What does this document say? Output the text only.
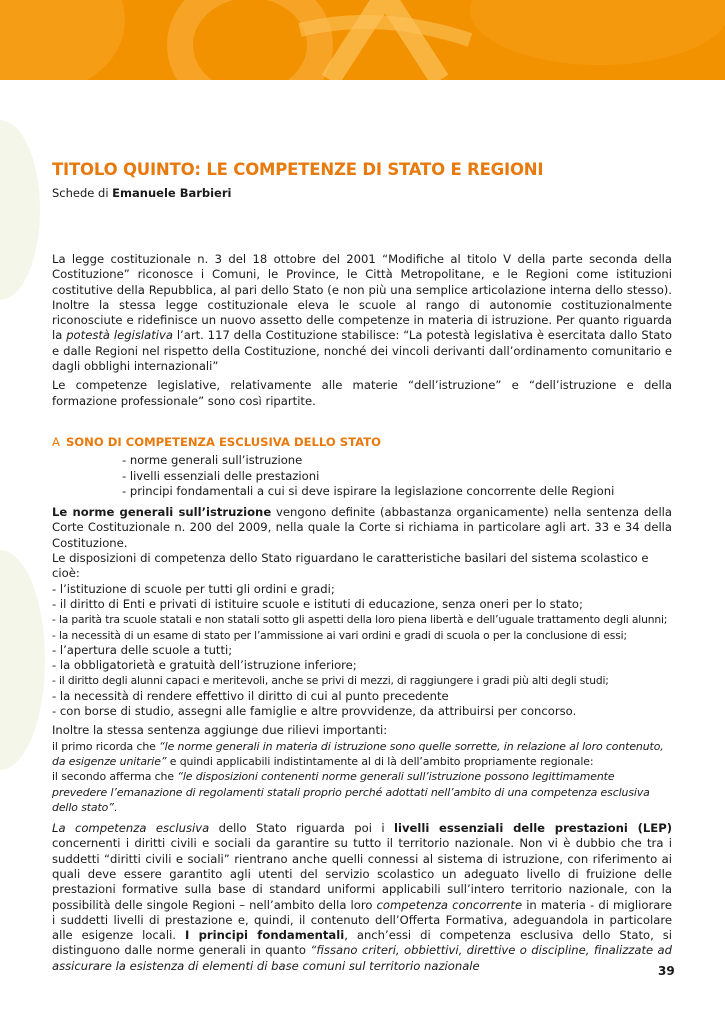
TITOLO QUINTO: LE COMPETENZE DI STATO E REGIONI
Schede di Emanuele Barbieri

La legge costituzionale n. 3 del 18 ottobre del 2001 “Modifiche al titolo V della parte seconda della Costituzione” riconosce i Comuni, le Province, le Città Metropolitane, e le Regioni come istituzioni costitutive della Repubblica, al pari dello Stato (e non più una semplice articolazione interna dello stesso). Inoltre la stessa legge costituzionale eleva le scuole al rango di autonomie costituzionalmente riconosciute e ridefinisce un nuovo assetto delle competenze in materia di istruzione. Per quanto riguarda la potestà legislativa l’art. 117 della Costituzione stabilisce: “La potestà legislativa è esercitata dallo Stato e dalle Regioni nel rispetto della Costituzione, nonché dei vincoli derivanti dall’ordinamento comunitario e dagli obblighi internazionali”

Le competenze legislative, relativamente alle materie “dell’istruzione” e “dell’istruzione e della formazione professionale” sono così ripartite.

A SONO DI COMPETENZA ESCLUSIVA DELLO STATO

- norme generali sull’istruzione
- livelli essenziali delle prestazioni
- principi fondamentali a cui si deve ispirare la legislazione concorrente delle Regioni

Le norme generali sull’istruzione vengono definite (abbastanza organicamente) nella sentenza della Corte Costituzionale n. 200 del 2009, nella quale la Corte si richiama in particolare agli art. 33 e 34 della Costituzione.

Le disposizioni di competenza dello Stato riguardano le caratteristiche basilari del sistema scolastico e cioè:

- l’istituzione di scuole per tutti gli ordini e gradi;
- il diritto di Enti e privati di istituire scuole e istituti di educazione, senza oneri per lo stato;
- la parità tra scuole statali e non statali sotto gli aspetti della loro piena libertà e dell’uguale trattamento degli alunni;
- la necessità di un esame di stato per l’ammissione ai vari ordini e gradi di scuola o per la conclusione di essi;
- l’apertura delle scuole a tutti;
- la obbligatorietà e gratuità dell’istruzione inferiore;
- il diritto degli alunni capaci e meritevoli, anche se privi di mezzi, di raggiungere i gradi più alti degli studi;
- la necessità di rendere effettivo il diritto di cui al punto precedente
- con borse di studio, assegni alle famiglie e altre provvidenze, da attribuirsi per concorso.

Inoltre la stessa sentenza aggiunge due rilievi importanti:

il primo ricorda che “le norme generali in materia di istruzione sono quelle sorrette, in relazione al loro contenuto, da esigenze unitarie” e quindi applicabili indistintamente al di là dell’ambito propriamente regionale:

il secondo afferma che “le disposizioni contenenti norme generali sull’istruzione possono legittimamente prevedere l’emanazione di regolamenti statali proprio perché adottati nell’ambito di una competenza esclusiva dello stato”.

La competenza esclusiva dello Stato riguarda poi i livelli essenziali delle prestazioni (LEP) concernenti i diritti civili e sociali da garantire su tutto il territorio nazionale. Non vi è dubbio che tra i suddetti “diritti civili e sociali” rientrano anche quelli connessi al sistema di istruzione, con riferimento ai quali deve essere garantito agli utenti del servizio scolastico un adeguato livello di fruizione delle prestazioni formative sulla base di standard uniformi applicabili sull’intero territorio nazionale, con la possibilità delle singole Regioni – nell’ambito della loro competenza concorrente in materia - di migliorare i suddetti livelli di prestazione e, quindi, il contenuto dell’Offerta Formativa, adeguandola in particolare alle esigenze locali. I principi fondamentali, anch’essi di competenza esclusiva dello Stato, si distinguono dalle norme generali in quanto “fissano criteri, obbiettivi, direttive o discipline, finalizzate ad assicurare la esistenza di elementi di base comuni sul territorio nazionale	39
